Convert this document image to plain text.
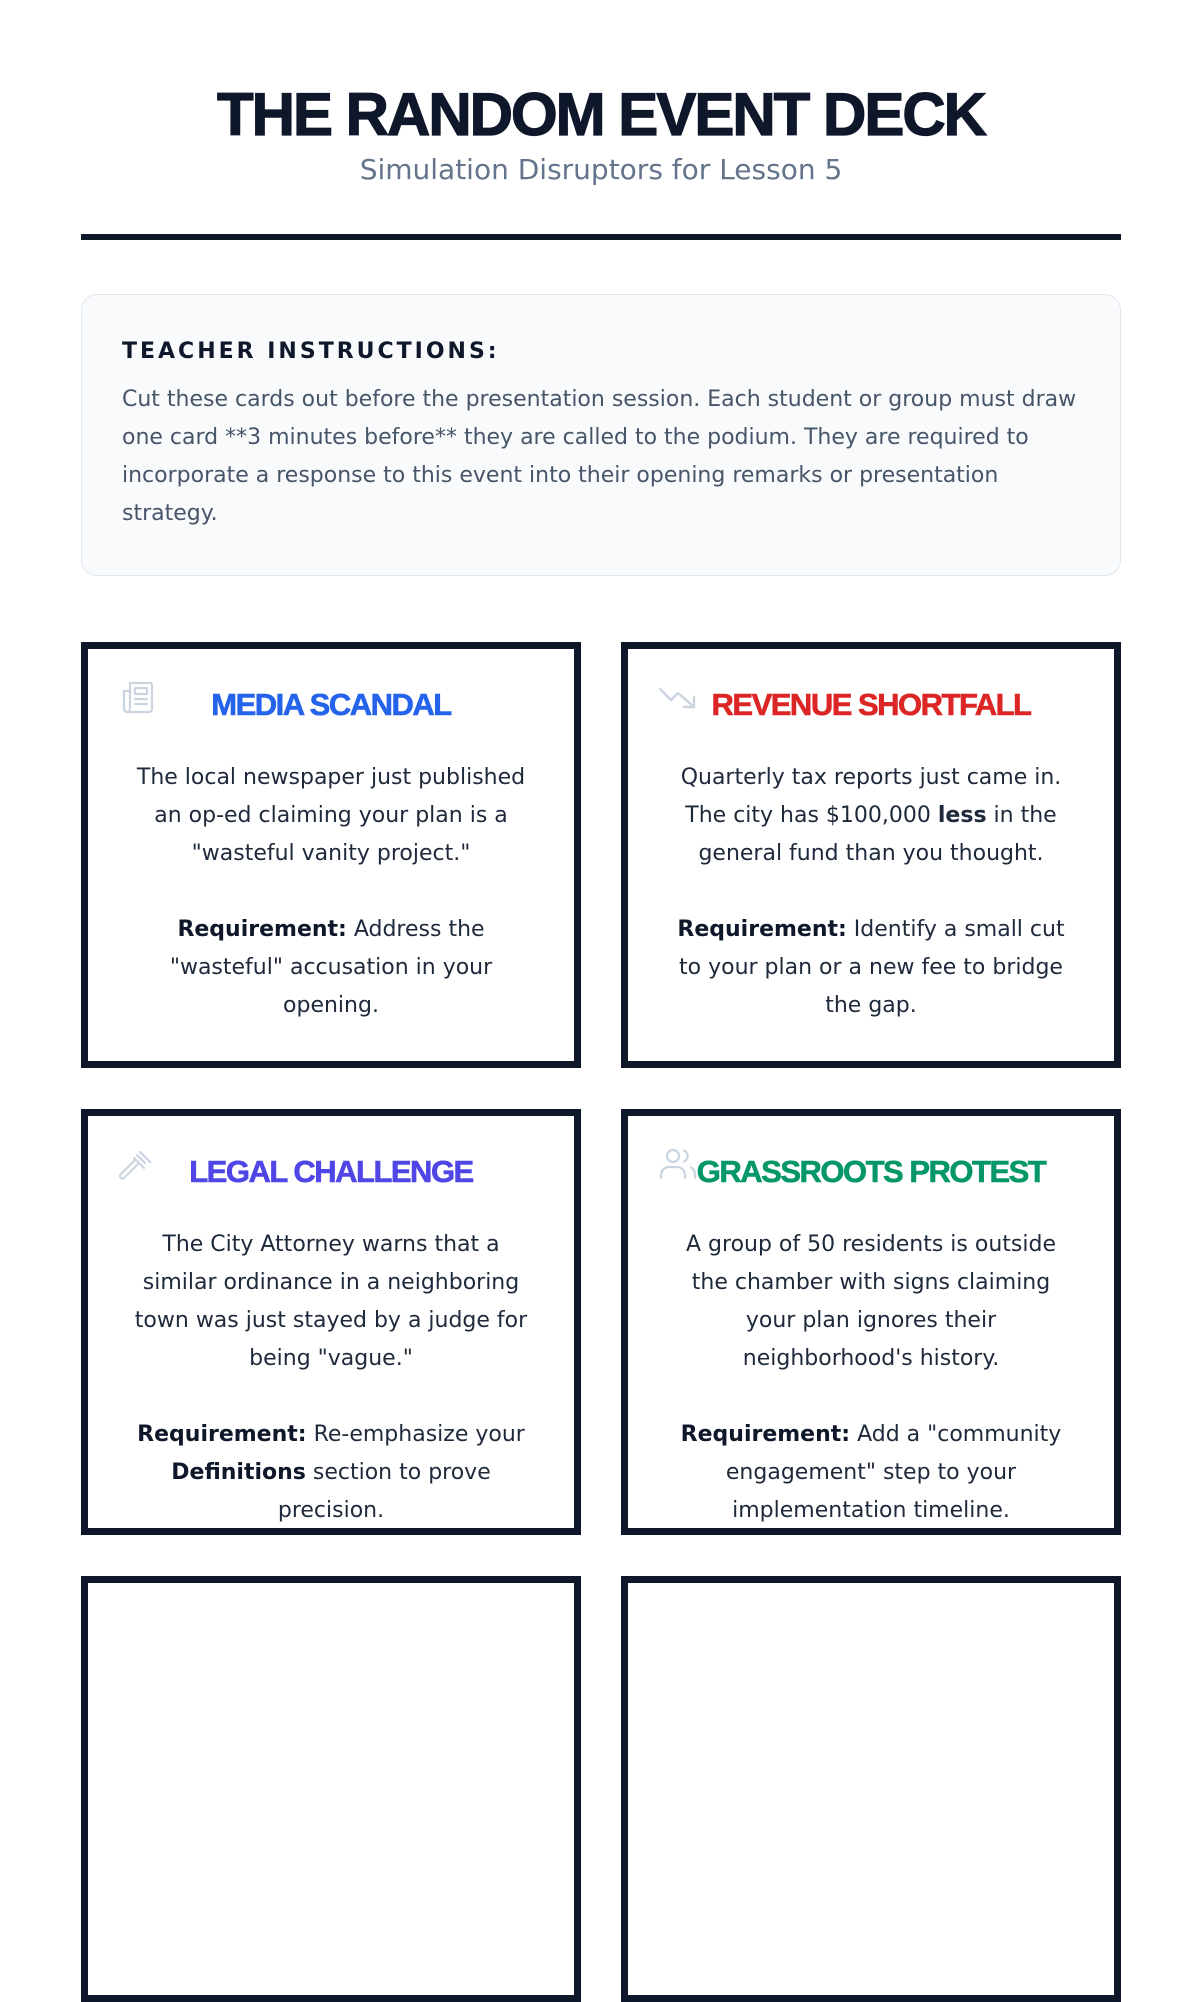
THE RANDOM EVENT DECK
Simulation Disruptors for Lesson 5
TEACHER INSTRUCTIONS:
Cut these cards out before the presentation session. Each student or group must draw one card **3 minutes before** they are called to the podium. They are required to incorporate a response to this event into their opening remarks or presentation strategy.
MEDIA SCANDAL
The local newspaper just published an op-ed claiming your plan is a "wasteful vanity project."
Requirement: Address the "wasteful" accusation in your opening.
REVENUE SHORTFALL
Quarterly tax reports just came in. The city has $100,000 less in the general fund than you thought.
Requirement: Identify a small cut to your plan or a new fee to bridge the gap.
LEGAL CHALLENGE
The City Attorney warns that a similar ordinance in a neighboring town was just stayed by a judge for being "vague."
Requirement: Re-emphasize your Definitions section to prove precision.
GRASSROOTS PROTEST
A group of 50 residents is outside the chamber with signs claiming your plan ignores their neighborhood's history.
Requirement: Add a "community engagement" step to your implementation timeline.
